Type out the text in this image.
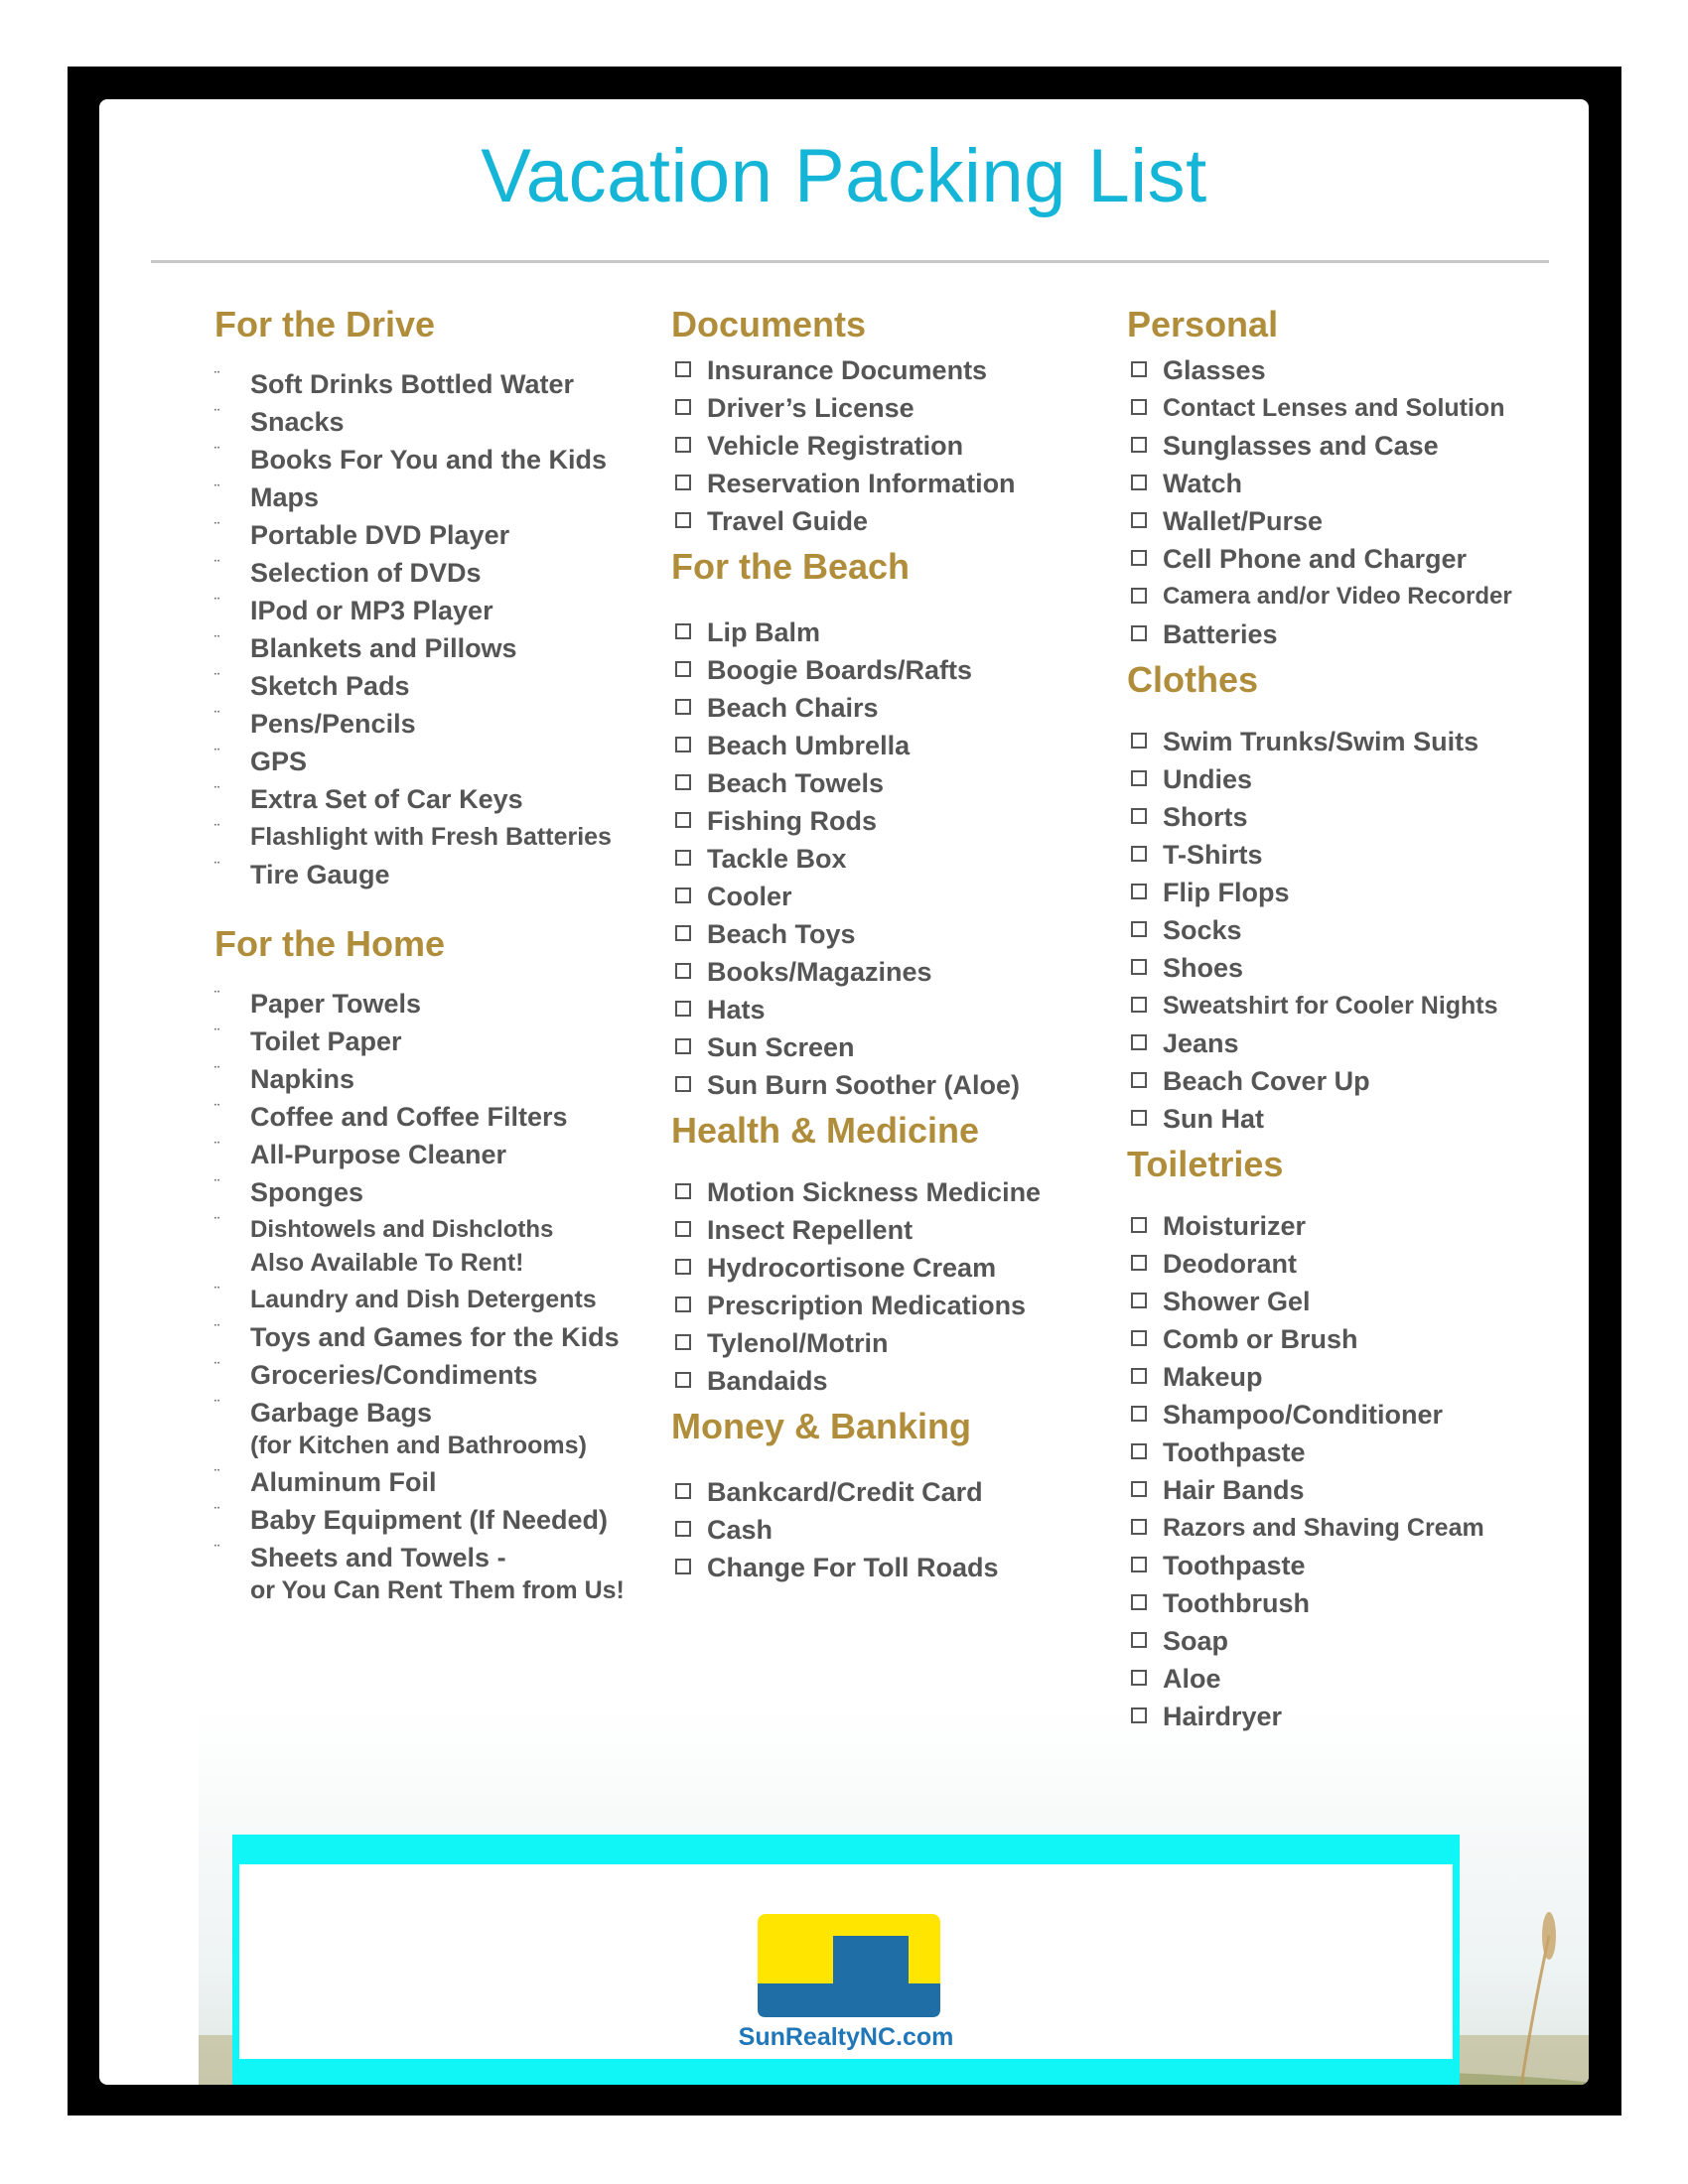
Vacation Packing List
For the Drive
¨ Soft Drinks Bottled Water
¨ Snacks
¨ Books For You and the Kids
¨ Maps
¨ Portable DVD Player
¨ Selection of DVDs
¨ IPod or MP3 Player
¨ Blankets and Pillows
¨ Sketch Pads
¨ Pens/Pencils
¨ GPS
¨ Extra Set of Car Keys
¨ Flashlight with Fresh Batteries
¨ Tire Gauge
For the Home
¨ Paper Towels
¨ Toilet Paper
¨ Napkins
¨ Coffee and Coffee Filters
¨ All-Purpose Cleaner
¨ Sponges
¨ Dishtowels and Dishcloths
Also Available To Rent!
¨ Laundry and Dish Detergents
¨ Toys and Games for the Kids
¨ Groceries/Condiments
¨ Garbage Bags
(for Kitchen and Bathrooms)
¨ Aluminum Foil
¨ Baby Equipment (If Needed)
¨ Sheets and Towels -
or You Can Rent Them from Us!
Documents
Insurance Documents
Driver’s License
Vehicle Registration
Reservation Information
Travel Guide
For the Beach
Lip Balm
Boogie Boards/Rafts
Beach Chairs
Beach Umbrella
Beach Towels
Fishing Rods
Tackle Box
Cooler
Beach Toys
Books/Magazines
Hats
Sun Screen
Sun Burn Soother (Aloe)
Health & Medicine
Motion Sickness Medicine
Insect Repellent
Hydrocortisone Cream
Prescription Medications
Tylenol/Motrin
Bandaids
Money & Banking
Bankcard/Credit Card
Cash
Change For Toll Roads
Personal
Glasses
Contact Lenses and Solution
Sunglasses and Case
Watch
Wallet/Purse
Cell Phone and Charger
Camera and/or Video Recorder
Batteries
Clothes
Swim Trunks/Swim Suits
Undies
Shorts
T-Shirts
Flip Flops
Socks
Shoes
Sweatshirt for Cooler Nights
Jeans
Beach Cover Up
Sun Hat
Toiletries
Moisturizer
Deodorant
Shower Gel
Comb or Brush
Makeup
Shampoo/Conditioner
Toothpaste
Hair Bands
Razors and Shaving Cream
Toothpaste
Toothbrush
Soap
Aloe
Hairdryer
SunRealtyNC.com
